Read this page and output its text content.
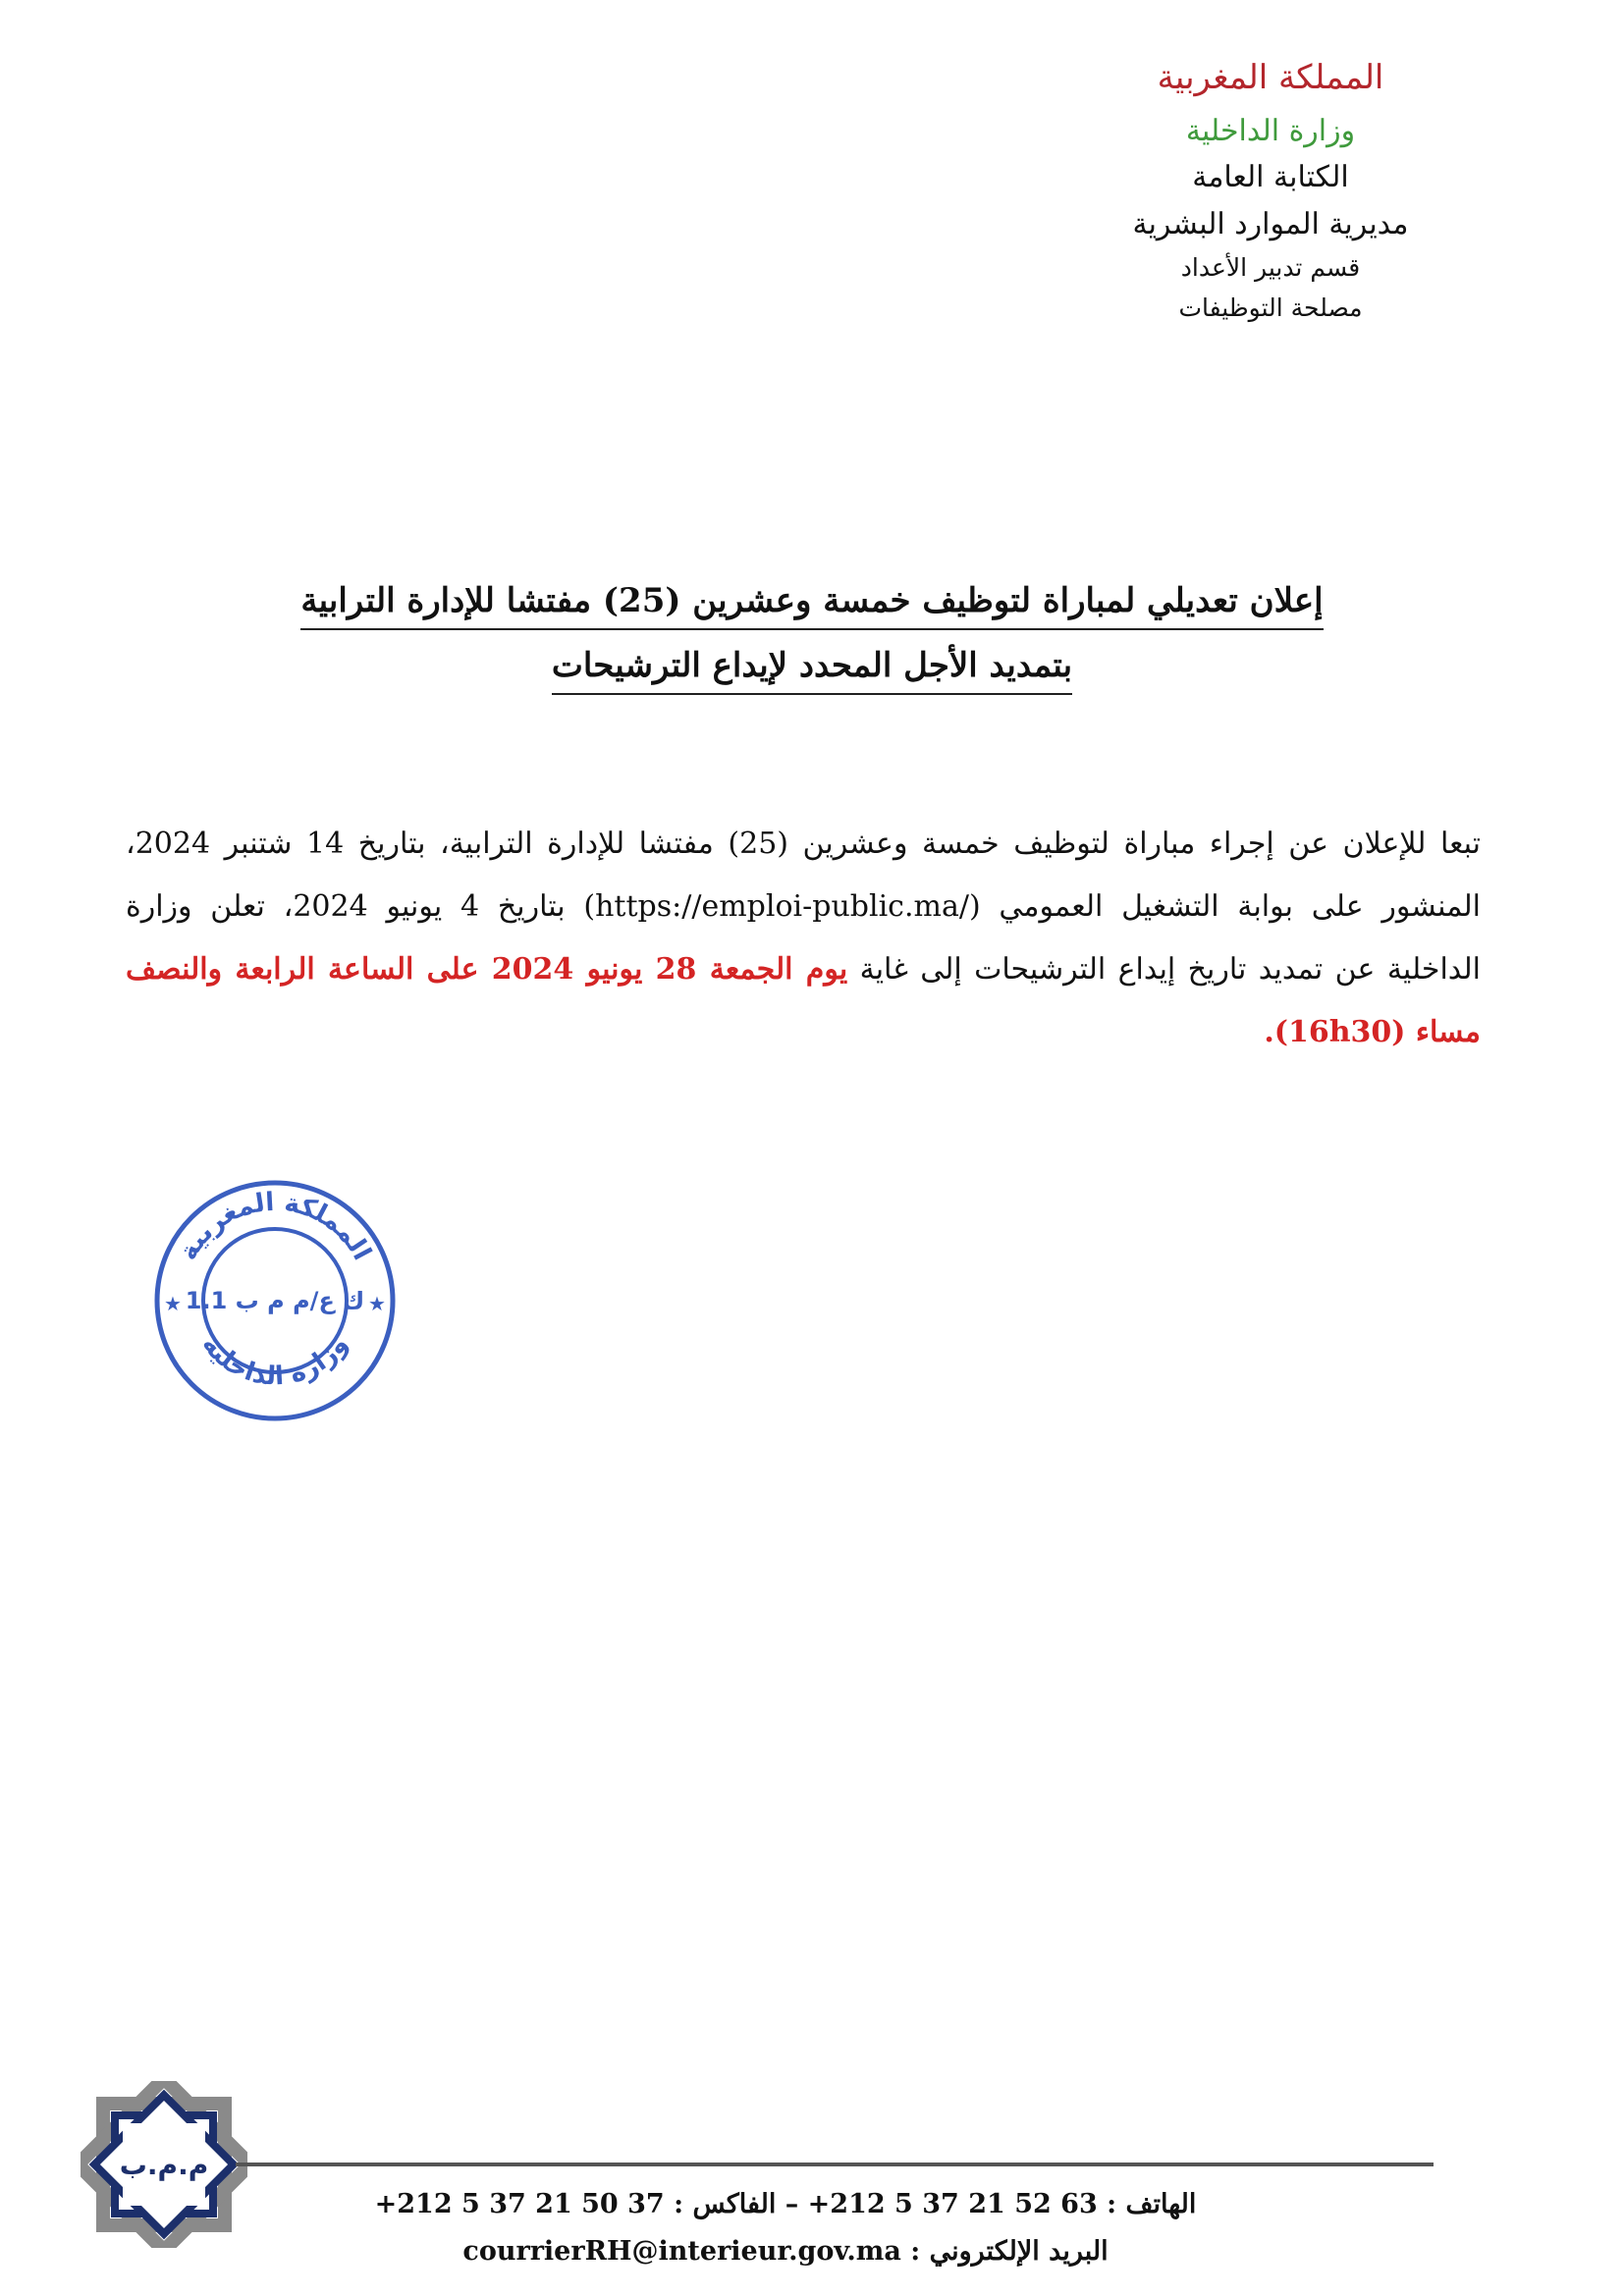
المملكة المغربية
وزارة الداخلية
الكتابة العامة
مديرية الموارد البشرية
قسم تدبير الأعداد
مصلحة التوظيفات
إعلان تعديلي لمباراة لتوظيف خمسة وعشرين (25) مفتشا للإدارة الترابية
بتمديد الأجل المحدد لإيداع الترشيحات
تبعا للإعلان عن إجراء مباراة لتوظيف خمسة وعشرين (25) مفتشا للإدارة الترابية، بتاريخ 14 شتنبر 2024، المنشور على بوابة التشغيل العمومي (https://emploi-public.ma/) بتاريخ 4 يونيو 2024، تعلن وزارة الداخلية عن تمديد تاريخ إيداع الترشيحات إلى غاية يوم الجمعة 28 يونيو 2024 على الساعة الرابعة والنصف مساء (16h30).
المملكة المغربية
وزارة الداخلية
ك ع/م م ب 1.1
★	★
م.م.ب
الهاتف : +212 5 37 21 52 63 – الفاكس : +212 5 37 21 50 37
البريد الإلكتروني : courrierRH@interieur.gov.ma
